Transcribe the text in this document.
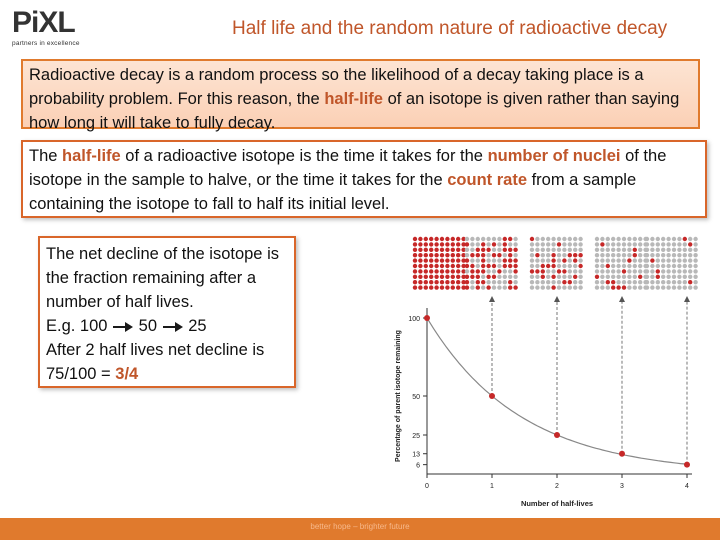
PiXL
partners in excellence
Half life and the random nature of radioactive decay
Radioactive decay is a random process so the likelihood of a decay taking place is a probability problem. For this reason, the half-life of an isotope is given rather than saying how long it will take to fully decay.
The half-life of a radioactive isotope is the time it takes for the number of nuclei of the isotope in the sample to halve, or the time it takes for the count rate from a sample containing the isotope to fall to half its initial level.
The net decline of the isotope is the fraction remaining after a number of half lives.
E.g. 100 50 25
After 2 half lives net decline is 75/100 = 3/4
100
50
25
13
6
0	1	2	3	4
Number of half-lives
Percentage of parent isotope remaining
better hope – brighter future
